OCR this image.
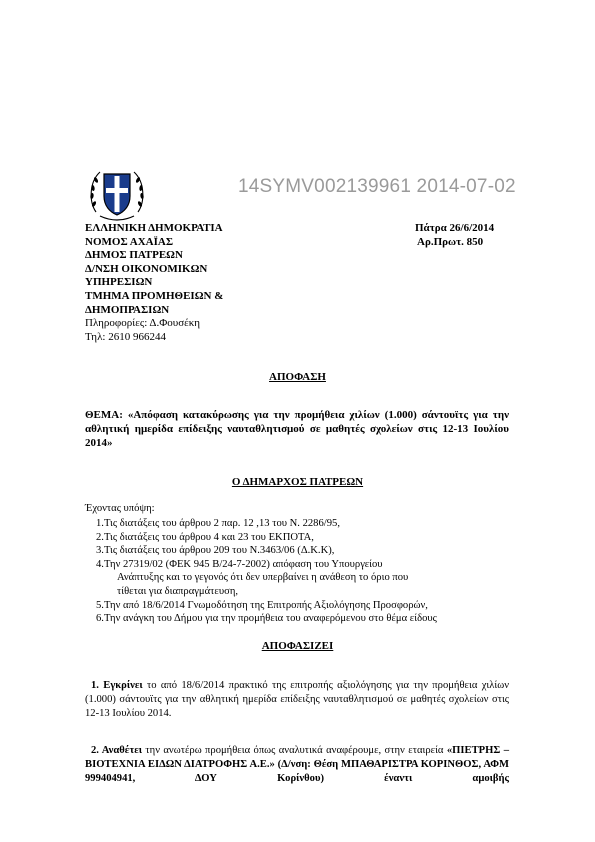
14SYMV002139961 2014-07-02
ΕΛΛΗΝΙΚΗ ΔΗΜΟΚΡΑΤΙΑ
ΝΟΜΟΣ ΑΧΑΪΑΣ
ΔΗΜΟΣ ΠΑΤΡΕΩΝ
Δ/ΝΣΗ ΟΙΚΟΝΟΜΙΚΩΝ
ΥΠΗΡΕΣΙΩΝ
ΤΜΗΜΑ ΠΡΟΜΗΘΕΙΩΝ &
ΔΗΜΟΠΡΑΣΙΩΝ
Πληροφορίες: Δ.Φουσέκη
Τηλ: 2610 966244
Πάτρα 26/6/2014
Αρ.Πρωτ. 850
ΑΠΟΦΑΣΗ
ΘΕΜΑ: «Απόφαση κατακύρωσης για την προμήθεια χιλίων (1.000) σάντουϊτς για την αθλητική ημερίδα επίδειξης ναυταθλητισμού σε μαθητές σχολείων στις 12-13 Ιουλίου 2014»
Ο ΔΗΜΑΡΧΟΣ ΠΑΤΡΕΩΝ
Έχοντας υπόψη:
1.Τις διατάξεις του άρθρου 2 παρ. 12 ,13 του Ν. 2286/95,
2.Τις διατάξεις του άρθρου 4 και 23 του ΕΚΠΟΤΑ,
3.Τις διατάξεις του άρθρου 209 του Ν.3463/06 (Δ.Κ.Κ),
4.Την 27319/02 (ΦΕΚ 945 Β/24-7-2002) απόφαση του Υπουργείου
Ανάπτυξης και το γεγονός ότι δεν υπερβαίνει η ανάθεση το όριο που
τίθεται για διαπραγμάτευση,
5.Την από 18/6/2014 Γνωμοδότηση της Επιτροπής Αξιολόγησης Προσφορών,
6.Την ανάγκη του Δήμου για την προμήθεια του αναφερόμενου στο θέμα είδους
ΑΠΟΦΑΣΙΖΕΙ
1. Εγκρίνει το από 18/6/2014 πρακτικό της επιτροπής αξιολόγησης για την προμήθεια χιλίων (1.000) σάντουϊτς για την αθλητική ημερίδα επίδειξης ναυταθλητισμού σε μαθητές σχολείων στις 12-13 Ιουλίου 2014.
2. Αναθέτει την ανωτέρω προμήθεια όπως αναλυτικά αναφέρουμε, στην εταιρεία «ΠΙΕΤΡΗΣ – ΒΙΟΤΕΧΝΙΑ ΕΙΔΩΝ ΔΙΑΤΡΟΦΗΣ Α.Ε.» (Δ/νση: Θέση ΜΠΑΘΑΡΙΣΤΡΑ ΚΟΡΙΝΘΟΣ, ΑΦΜ 999404941, ΔΟΥ Κορίνθου) έναντι αμοιβής
